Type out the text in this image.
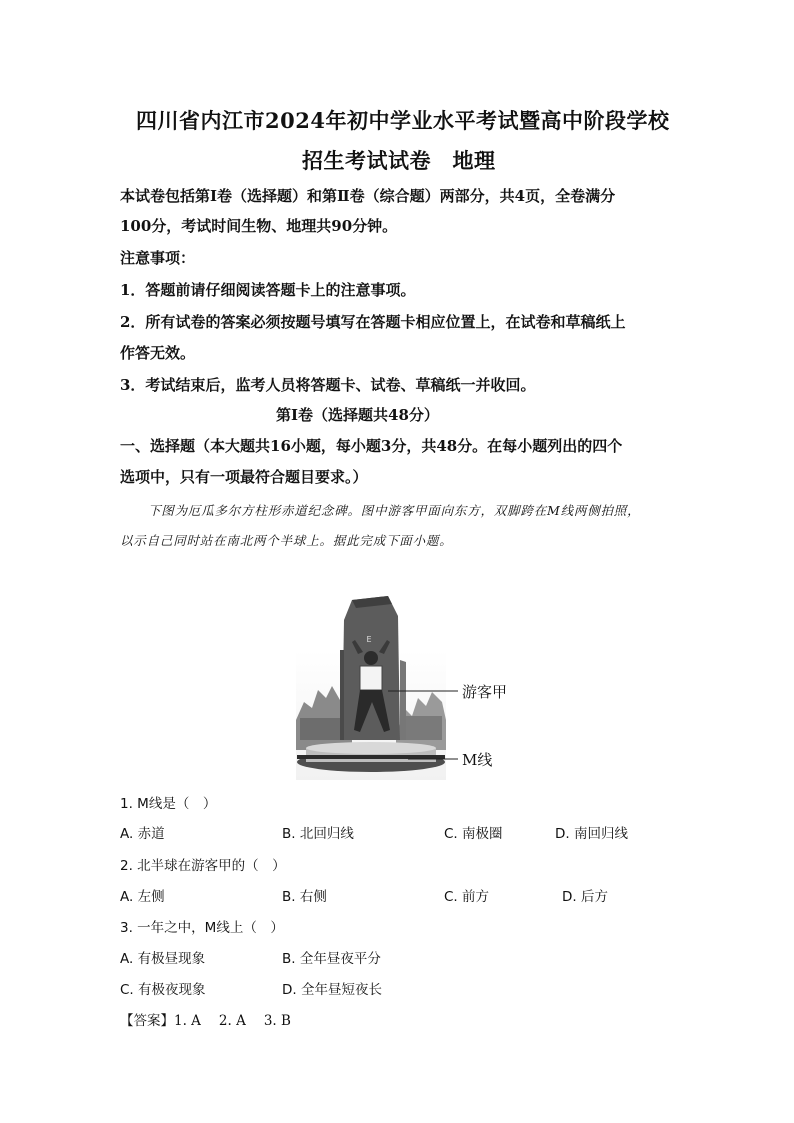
四川省内江市2024年初中学业水平考试暨高中阶段学校
招生考试试卷　地理
本试卷包括第Ⅰ卷（选择题）和第Ⅱ卷（综合题）两部分，共4页，全卷满分
100分，考试时间生物、地理共90分钟。
注意事项：
1．答题前请仔细阅读答题卡上的注意事项。
2．所有试卷的答案必须按题号填写在答题卡相应位置上，在试卷和草稿纸上
作答无效。
3．考试结束后，监考人员将答题卡、试卷、草稿纸一并收回。
第Ⅰ卷（选择题共48分）
一、选择题（本大题共16小题，每小题3分，共48分。在每小题列出的四个
选项中，只有一项最符合题目要求。）
下图为厄瓜多尔方柱形赤道纪念碑。图中游客甲面向东方，双脚跨在M线两侧拍照，
以示自己同时站在南北两个半球上。据此完成下面小题。
E
游客甲
M线
1. M线是（　）
A. 赤道	B. 北回归线	C. 南极圈	D. 南回归线
2. 北半球在游客甲的（　）
A. 左侧	B. 右侧	C. 前方	D. 后方
3. 一年之中，M线上（　）
A. 有极昼现象	B. 全年昼夜平分
C. 有极夜现象	D. 全年昼短夜长
【答案】1. A 2. A 3. B
